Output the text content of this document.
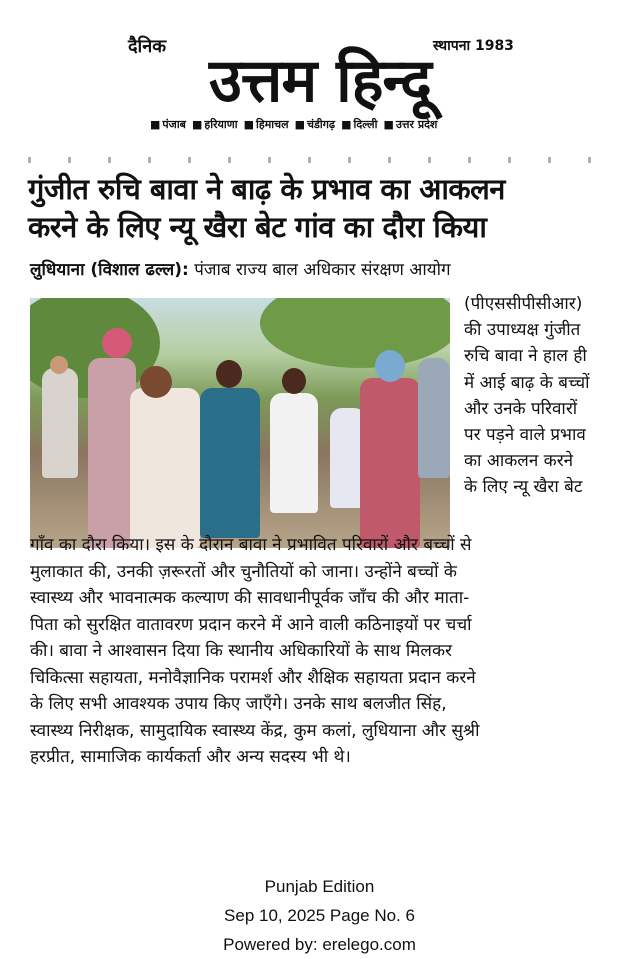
दैनिक	स्थापना 1983
उत्तम हिन्दू
■ पंजाब	■ हरियाणा	■ हिमाचल	■ चंडीगढ़	■ दिल्ली	■ उत्तर प्रदेश
गुंजीत रुचि बावा ने बाढ़ के प्रभाव का आकलन
करने के लिए न्यू खैरा बेट गांव का दौरा किया
लुधियाना (विशाल ढल्ल): पंजाब राज्य बाल अधिकार संरक्षण आयोग
(पीएससीपीसीआर)
की उपाध्यक्ष गुंजीत
रुचि बावा ने हाल ही
में आई बाढ़ के बच्चों
और उनके परिवारों
पर पड़ने वाले प्रभाव
का आकलन करने
के लिए न्यू खैरा बेट
गाँव का दौरा किया। इस के दौरान बावा ने प्रभावित परिवारों और बच्चों से
मुलाकात की, उनकी ज़रूरतों और चुनौतियों को जाना। उन्होंने बच्चों के
स्वास्थ्य और भावनात्मक कल्याण की सावधानीपूर्वक जाँच की और माता-
पिता को सुरक्षित वातावरण प्रदान करने में आने वाली कठिनाइयों पर चर्चा
की। बावा ने आश्वासन दिया कि स्थानीय अधिकारियों के साथ मिलकर
चिकित्सा सहायता, मनोवैज्ञानिक परामर्श और शैक्षिक सहायता प्रदान करने
के लिए सभी आवश्यक उपाय किए जाएँगे। उनके साथ बलजीत सिंह,
स्वास्थ्य निरीक्षक, सामुदायिक स्वास्थ्य केंद्र, कुम कलां, लुधियाना और सुश्री
हरप्रीत, सामाजिक कार्यकर्ता और अन्य सदस्य भी थे।
Punjab Edition
Sep 10, 2025 Page No. 6
Powered by: erelego.com
